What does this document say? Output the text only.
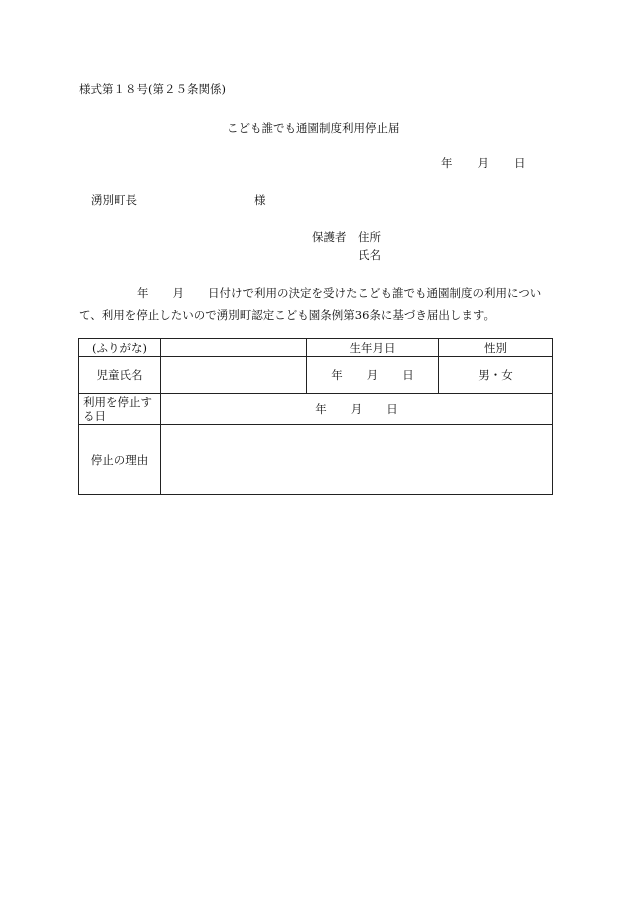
様式第１８号(第２５条関係)
こども誰でも通園制度利用停止届
年 月 日
湧別町長	様
保護者 住所
氏名
年 月 日付けで利用の決定を受けたこども誰でも通園制度の利用につい
て、利用を停止したいので湧別町認定こども園条例第36条に基づき届出します。
(ふりがな)		生年月日	性別
児童氏名		年 月 日	男・女
利用を停止する日	年 月 日		
停止の理由			
